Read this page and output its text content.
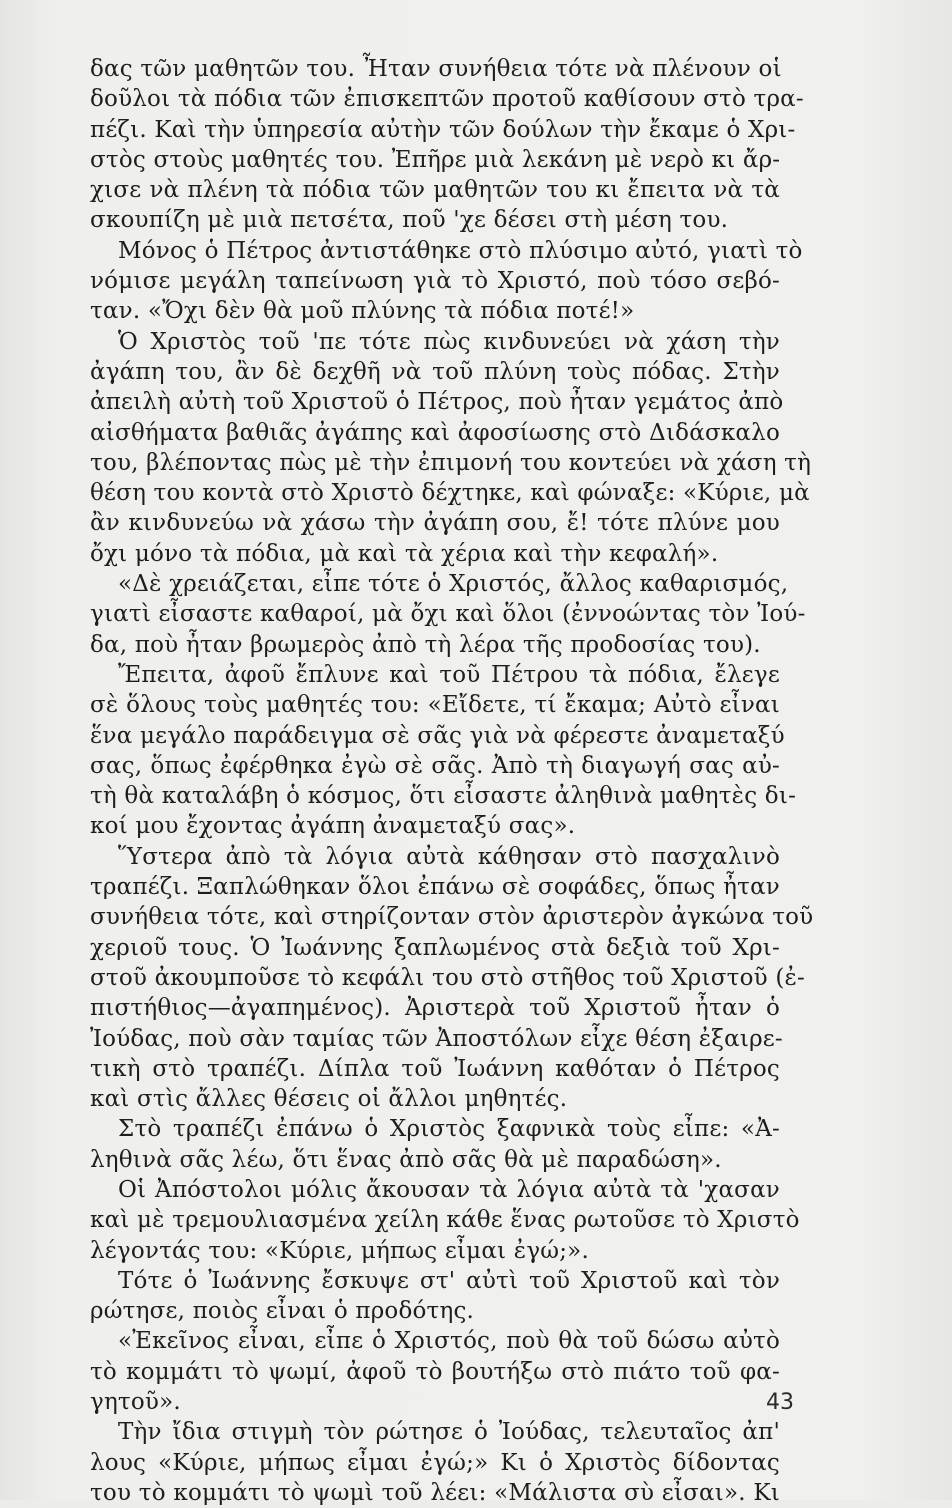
δας τῶν μαθητῶν του. Ἦταν συνήθεια τότε νὰ πλένουν οἱ
δοῦλοι τὰ πόδια τῶν ἐπισκεπτῶν προτοῦ καθίσουν στὸ τρα-
πέζι. Καὶ τὴν ὑπηρεσία αὐτὴν τῶν δούλων τὴν ἔκαμε ὁ Χρι-
στὸς στοὺς μαθητές του. Ἐπῆρε μιὰ λεκάνη μὲ νερὸ κι ἄρ-
χισε νὰ πλένη τὰ πόδια τῶν μαθητῶν του κι ἔπειτα νὰ τὰ
σκουπίζη μὲ μιὰ πετσέτα, ποῦ 'χε δέσει στὴ μέση του.
Μόνος ὁ Πέτρος ἀντιστάθηκε στὸ πλύσιμο αὐτό, γιατὶ τὸ
νόμισε μεγάλη ταπείνωση γιὰ τὸ Χριστό, ποὺ τόσο σεβό-
ταν. «Ὄχι δὲν θὰ μοῦ πλύνης τὰ πόδια ποτέ!»
Ὁ Χριστὸς τοῦ 'πε τότε πὼς κινδυνεύει νὰ χάση τὴν
ἀγάπη του, ἂν δὲ δεχθῆ νὰ τοῦ πλύνη τοὺς πόδας. Στὴν
ἀπειλὴ αὐτὴ τοῦ Χριστοῦ ὁ Πέτρος, ποὺ ἦταν γεμάτος ἀπὸ
αἰσθήματα βαθιᾶς ἀγάπης καὶ ἀφοσίωσης στὸ Διδάσκαλο
του, βλέποντας πὼς μὲ τὴν ἐπιμονή του κοντεύει νὰ χάση τὴ
θέση του κοντὰ στὸ Χριστὸ δέχτηκε, καὶ φώναξε: «Κύριε, μὰ
ἂν κινδυνεύω νὰ χάσω τὴν ἀγάπη σου, ἔ! τότε πλύνε μου
ὄχι μόνο τὰ πόδια, μὰ καὶ τὰ χέρια καὶ τὴν κεφαλή».
«Δὲ χρειάζεται, εἶπε τότε ὁ Χριστός, ἄλλος καθαρισμός,
γιατὶ εἶσαστε καθαροί, μὰ ὄχι καὶ ὅλοι (ἐννοώντας τὸν Ἰού-
δα, ποὺ ἦταν βρωμερὸς ἀπὸ τὴ λέρα τῆς προδοσίας του).
Ἔπειτα, ἀφοῦ ἔπλυνε καὶ τοῦ Πέτρου τὰ πόδια, ἔλεγε
σὲ ὅλους τοὺς μαθητές του: «Εἴδετε, τί ἔκαμα; Αὐτὸ εἶναι
ἕνα μεγάλο παράδειγμα σὲ σᾶς γιὰ νὰ φέρεστε ἀναμεταξύ
σας, ὅπως ἐφέρθηκα ἐγὼ σὲ σᾶς. Ἀπὸ τὴ διαγωγή σας αὐ-
τὴ θὰ καταλάβη ὁ κόσμος, ὅτι εἶσαστε ἀληθινὰ μαθητὲς δι-
κοί μου ἔχοντας ἀγάπη ἀναμεταξύ σας».
Ὕστερα ἀπὸ τὰ λόγια αὐτὰ κάθησαν στὸ πασχαλινὸ
τραπέζι. Ξαπλώθηκαν ὅλοι ἐπάνω σὲ σοφάδες, ὅπως ἦταν
συνήθεια τότε, καὶ στηρίζονταν στὸν ἀριστερὸν ἀγκώνα τοῦ
χεριοῦ τους. Ὁ Ἰωάννης ξαπλωμένος στὰ δεξιὰ τοῦ Χρι-
στοῦ ἀκουμποῦσε τὸ κεφάλι του στὸ στῆθος τοῦ Χριστοῦ (ἐ-
πιστήθιος—ἀγαπημένος). Ἀριστερὰ τοῦ Χριστοῦ ἦταν ὁ
Ἰούδας, ποὺ σὰν ταμίας τῶν Ἀποστόλων εἶχε θέση ἐξαιρε-
τικὴ στὸ τραπέζι. Δίπλα τοῦ Ἰωάννη καθόταν ὁ Πέτρος
καὶ στὶς ἄλλες θέσεις οἱ ἄλλοι μηθητές.
Στὸ τραπέζι ἐπάνω ὁ Χριστὸς ξαφνικὰ τοὺς εἶπε: «Ἀ-
ληθινὰ σᾶς λέω, ὅτι ἕνας ἀπὸ σᾶς θὰ μὲ παραδώση».
Οἱ Ἀπόστολοι μόλις ἄκουσαν τὰ λόγια αὐτὰ τὰ 'χασαν
καὶ μὲ τρεμουλιασμένα χείλη κάθε ἕνας ρωτοῦσε τὸ Χριστὸ
λέγοντάς του: «Κύριε, μήπως εἶμαι ἐγώ;».
Τότε ὁ Ἰωάννης ἔσκυψε στ' αὐτὶ τοῦ Χριστοῦ καὶ τὸν
ρώτησε, ποιὸς εἶναι ὁ προδότης.
«Ἐκεῖνος εἶναι, εἶπε ὁ Χριστός, ποὺ θὰ τοῦ δώσω αὐτὸ
τὸ κομμάτι τὸ ψωμί, ἀφοῦ τὸ βουτήξω στὸ πιάτο τοῦ φα-
γητοῦ».
Τὴν ἴδια στιγμὴ τὸν ρώτησε ὁ Ἰούδας, τελευταῖος ἀπ'
λους «Κύριε, μήπως εἶμαι ἐγώ;» Κι ὁ Χριστὸς δίδοντας
του τὸ κομμάτι τὸ ψωμὶ τοῦ λέει: «Μάλιστα σὺ εἶσαι». Κι
43
